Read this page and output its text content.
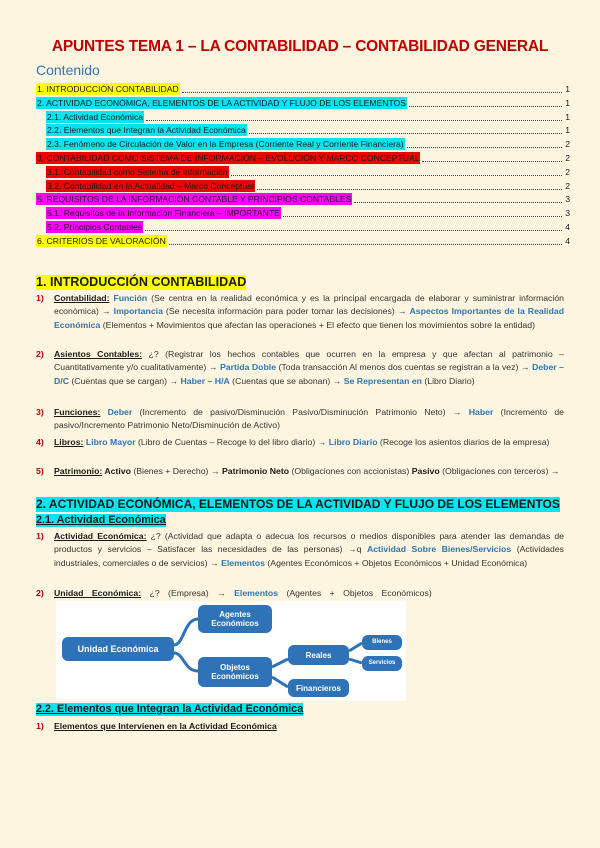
APUNTES TEMA 1 – LA CONTABILIDAD – CONTABILIDAD GENERAL
Contenido
1. INTRODUCCIÓN CONTABILIDAD	1
2. ACTIVIDAD ECONÓMICA, ELEMENTOS DE LA ACTIVIDAD Y FLUJO DE LOS ELEMENTOS	1
2.1. Actividad Económica	1
2.2. Elementos que Integran la Actividad Económica	1
2.3. Fenómeno de Circulación de Valor en la Empresa (Corriente Real y Corriente Financiera)	2
3. CONTABILIDAD COMO SISTEMA DE INFORMACIÓN – EVOLUCIÓN Y MARCO CONCEPTUAL	2
3.1. Contabilidad como Sistema de Información	2
3.2. Contabilidad en la Actualidad – Marco Conceptual	2
5. REQUISITOS DE LA INFORMACIÓN CONTABLE Y PRINCIPIOS CONTABLES	3
5.1. Requisitos de la Información Financiera – IMPORTANTE	3
5.2. Principios Contables	4
6. CRITERIOS DE VALORACIÓN	4
1. INTRODUCCIÓN CONTABILIDAD
1) Contabilidad: Función (Se centra en la realidad económica y es la principal encargada de elaborar y suministrar información económica) → Importancia (Se necesita información para poder tomar las decisiones) → Aspectos Importantes de la Realidad Económica (Elementos + Movimientos que afectan las operaciones + El efecto que tienen los movimientos sobre la entidad)
2) Asientos Contables: ¿? (Registrar los hechos contables que ocurren en la empresa y que afectan al patrimonio – Cuantitativamente y/o cualitativamente) → Partida Doble (Toda transacción Al menos dos cuentas se registran a la vez) → Deber – D/C (Cuentas que se cargan) → Haber – H/A (Cuentas que se abonan) → Se Representan en (Libro Diario)
3) Funciones: Deber (Incremento de pasivo/Disminución Pasivo/Disminución Patrimonio Neto) → Haber (Incremento de pasivo/Incremento Patrimonio Neto/Disminución de Activo)
4) Libros: Libro Mayor (Libro de Cuentas – Recoge lo del libro diario) → Libro Diario (Recoge los asientos diarios de la empresa)
5) Patrimonio: Activo (Bienes + Derecho) → Patrimonio Neto (Obligaciones con accionistas) Pasivo (Obligaciones con terceros) →
2. ACTIVIDAD ECONÓMICA, ELEMENTOS DE LA ACTIVIDAD Y FLUJO DE LOS ELEMENTOS
2.1. Actividad Económica
1) Actividad Económica: ¿? (Actividad que adapta o adecua los recursos o medios disponibles para atender las demandas de productos y servicios – Satisfacer las necesidades de las personas) →q Actividad Sobre Bienes/Servicios (Actividades industriales, comerciales o de servicios) → Elementos (Agentes Económicos + Objetos Económicos + Unidad Económica)
2) Unidad Económica: ¿? (Empresa) → Elementos (Agentes + Objetos Económicos)
Unidad Económica
Agentes Económicos
Objetos Económicos
Reales
Financieros
Bienes
Servicios
2.2. Elementos que Integran la Actividad Económica
1) Elementos que Intervienen en la Actividad Económica
